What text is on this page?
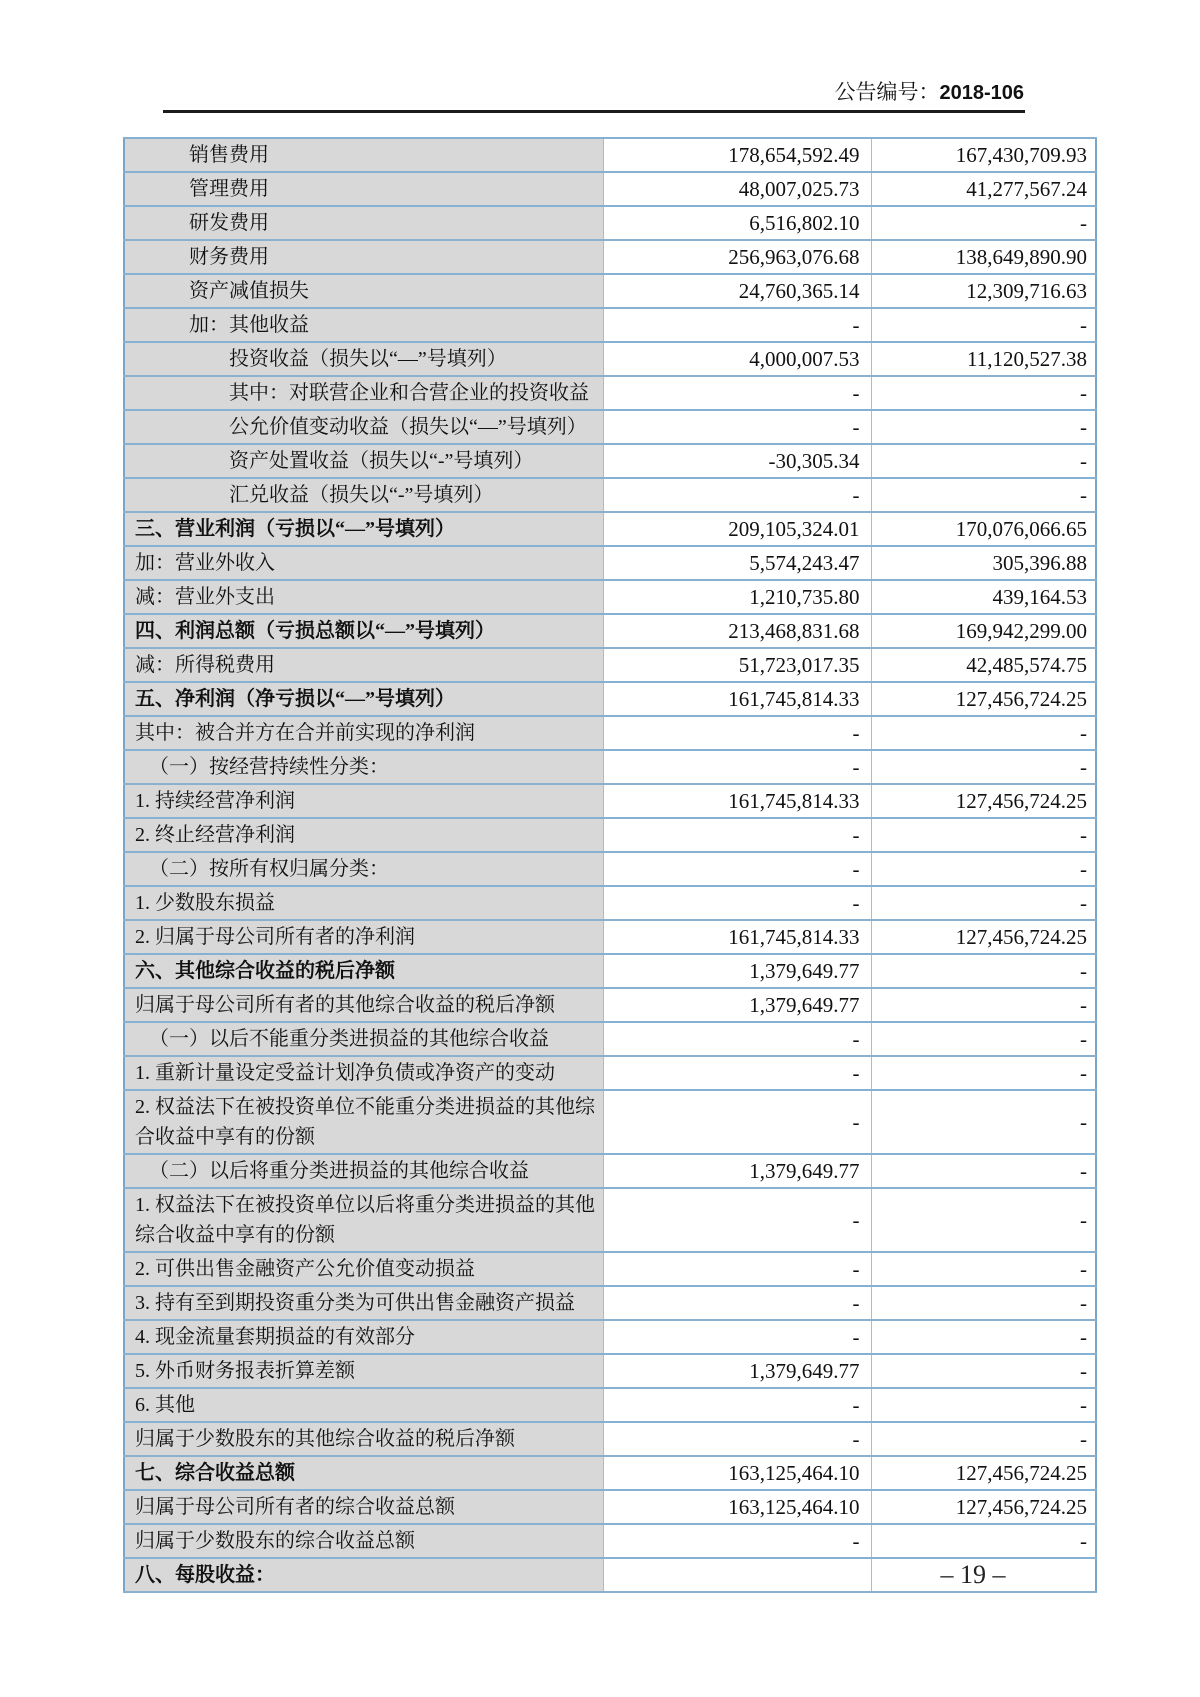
公告编号：2018-106
销售费用	178,654,592.49	167,430,709.93
管理费用	48,007,025.73	41,277,567.24
研发费用	6,516,802.10	-
财务费用	256,963,076.68	138,649,890.90
资产减值损失	24,760,365.14	12,309,716.63
加：其他收益	-	-
投资收益（损失以“—”号填列）	4,000,007.53	11,120,527.38
其中：对联营企业和合营企业的投资收益	-	-
公允价值变动收益（损失以“—”号填列）	-	-
资产处置收益（损失以“-”号填列）	-30,305.34	-
汇兑收益（损失以“-”号填列）	-	-
三、营业利润（亏损以“—”号填列）	209,105,324.01	170,076,066.65
加：营业外收入	5,574,243.47	305,396.88
减：营业外支出	1,210,735.80	439,164.53
四、利润总额（亏损总额以“—”号填列）	213,468,831.68	169,942,299.00
减：所得税费用	51,723,017.35	42,485,574.75
五、净利润（净亏损以“—”号填列）	161,745,814.33	127,456,724.25
其中：被合并方在合并前实现的净利润	-	-
（一）按经营持续性分类：	-	-
1. 持续经营净利润	161,745,814.33	127,456,724.25
2. 终止经营净利润	-	-
（二）按所有权归属分类：	-	-
1. 少数股东损益	-	-
2. 归属于母公司所有者的净利润	161,745,814.33	127,456,724.25
六、其他综合收益的税后净额	1,379,649.77	-
归属于母公司所有者的其他综合收益的税后净额	1,379,649.77	-
（一）以后不能重分类进损益的其他综合收益	-	-
1. 重新计量设定受益计划净负债或净资产的变动	-	-
2. 权益法下在被投资单位不能重分类进损益的其他综合收益中享有的份额	-	-
（二）以后将重分类进损益的其他综合收益	1,379,649.77	-
1. 权益法下在被投资单位以后将重分类进损益的其他综合收益中享有的份额	-	-
2. 可供出售金融资产公允价值变动损益	-	-
3. 持有至到期投资重分类为可供出售金融资产损益	-	-
4. 现金流量套期损益的有效部分	-	-
5. 外币财务报表折算差额	1,379,649.77	-
6. 其他	-	-
归属于少数股东的其他综合收益的税后净额	-	-
七、综合收益总额	163,125,464.10	127,456,724.25
归属于母公司所有者的综合收益总额	163,125,464.10	127,456,724.25
归属于少数股东的综合收益总额	-	-
八、每股收益：			– 19 –
